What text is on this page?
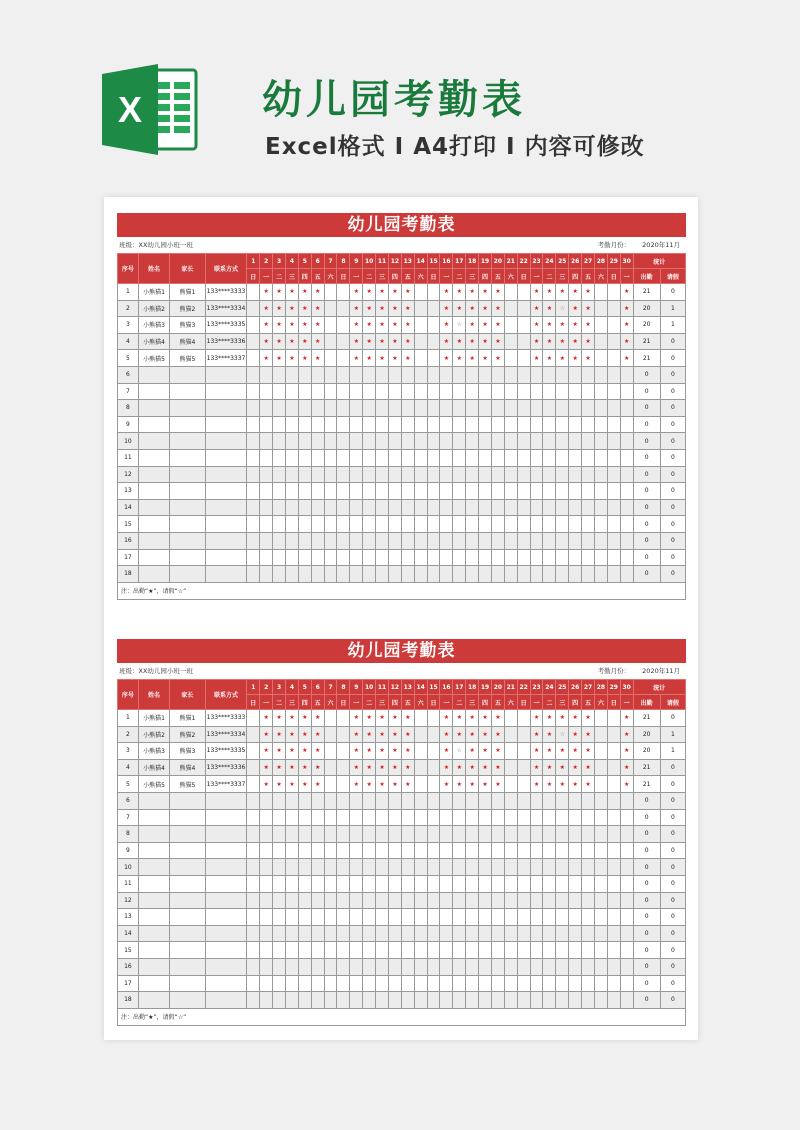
X	幼儿园考勤表
Excel格式 I A4打印 I 内容可修改
幼儿园考勤表
班级：XX幼儿园小班一班	考勤月份： 2020年11月
序号	姓名	家长	联系方式	1	2	3	4	5	6	7	8	9	10	11	12	13	14	15	16	17	18	19	20	21	22	23	24	25	26	27	28	29	30	统计	
				日	一	二	三	四	五	六	日	一	二	三	四	五	六	日	一	二	三	四	五	六	日	一	二	三	四	五	六	日	一	出勤	请假
1	小熊猫1	熊猫1	133****3333		★	★	★	★	★			★	★	★	★	★			★	★	★	★	★			★	★	★	★	★			★	21	0
2	小熊猫2	熊猫2	133****3334		★	★	★	★	★			★	★	★	★	★			★	★	★	★	★			★	★	☆	★	★			★	20	1
3	小熊猫3	熊猫3	133****3335		★	★	★	★	★			★	★	★	★	★			★	☆	★	★	★			★	★	★	★	★			★	20	1
4	小熊猫4	熊猫4	133****3336		★	★	★	★	★			★	★	★	★	★			★	★	★	★	★			★	★	★	★	★			★	21	0
5	小熊猫5	熊猫5	133****3337		★	★	★	★	★			★	★	★	★	★			★	★	★	★	★			★	★	★	★	★			★	21	0
6																																		0	0
7																																		0	0
8																																		0	0
9																																		0	0
10																																		0	0
11																																		0	0
12																																		0	0
13																																		0	0
14																																		0	0
15																																		0	0
16																																		0	0
17																																		0	0
18																																		0	0
注：出勤“★”，请假“☆”																																			
幼儿园考勤表
班级：XX幼儿园小班一班	考勤月份： 2020年11月
序号	姓名	家长	联系方式	1	2	3	4	5	6	7	8	9	10	11	12	13	14	15	16	17	18	19	20	21	22	23	24	25	26	27	28	29	30	统计	
				日	一	二	三	四	五	六	日	一	二	三	四	五	六	日	一	二	三	四	五	六	日	一	二	三	四	五	六	日	一	出勤	请假
1	小熊猫1	熊猫1	133****3333		★	★	★	★	★			★	★	★	★	★			★	★	★	★	★			★	★	★	★	★			★	21	0
2	小熊猫2	熊猫2	133****3334		★	★	★	★	★			★	★	★	★	★			★	★	★	★	★			★	★	☆	★	★			★	20	1
3	小熊猫3	熊猫3	133****3335		★	★	★	★	★			★	★	★	★	★			★	☆	★	★	★			★	★	★	★	★			★	20	1
4	小熊猫4	熊猫4	133****3336		★	★	★	★	★			★	★	★	★	★			★	★	★	★	★			★	★	★	★	★			★	21	0
5	小熊猫5	熊猫5	133****3337		★	★	★	★	★			★	★	★	★	★			★	★	★	★	★			★	★	★	★	★			★	21	0
6																																		0	0
7																																		0	0
8																																		0	0
9																																		0	0
10																																		0	0
11																																		0	0
12																																		0	0
13																																		0	0
14																																		0	0
15																																		0	0
16																																		0	0
17																																		0	0
18																																		0	0
注：出勤“★”，请假“☆”																																			
